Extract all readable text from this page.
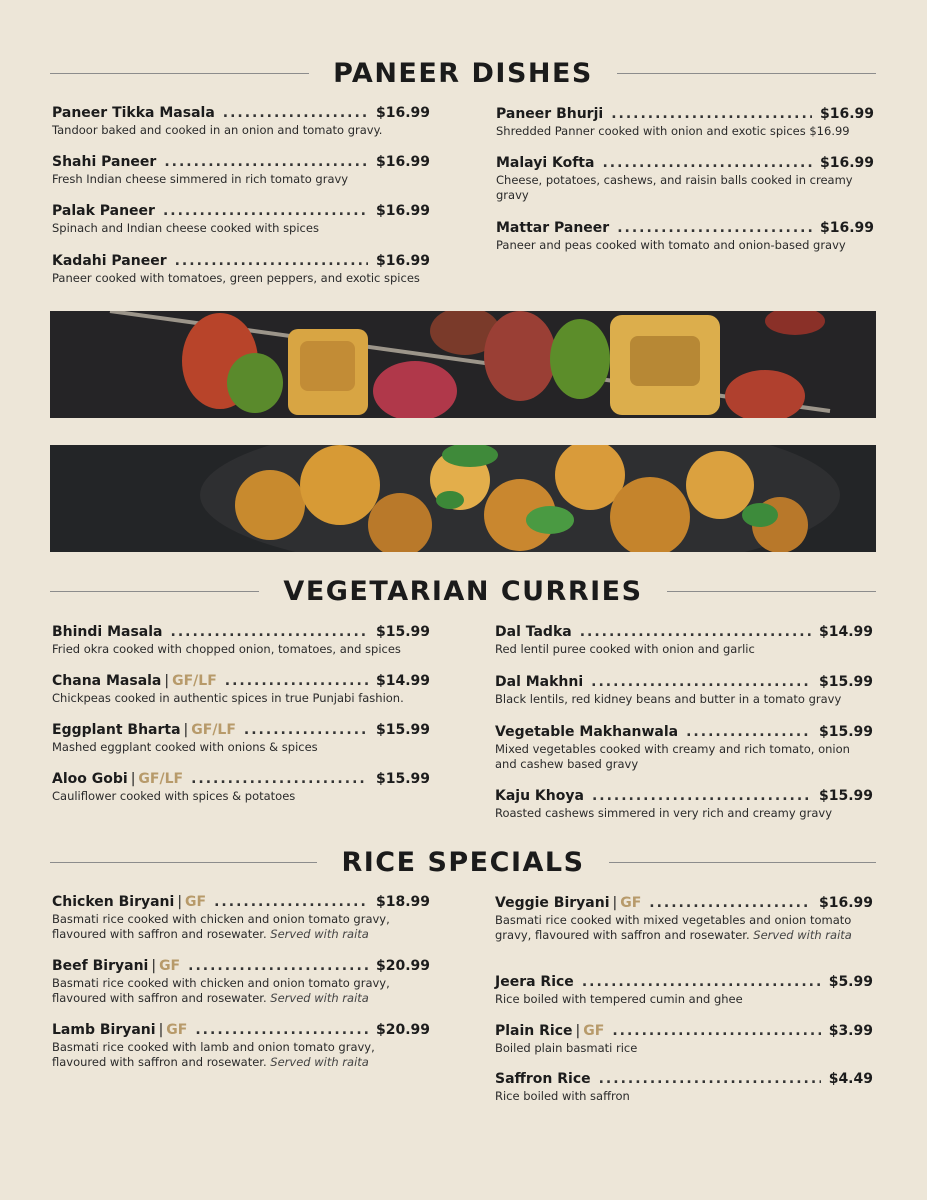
PANEER DISHES
Paneer Tikka Masala .....	$16.99
Tandoor baked and cooked in an onion and tomato gravy.
Shahi Paneer .....	$16.99
Fresh Indian cheese simmered in rich tomato gravy
Palak Paneer .....	$16.99
Spinach and Indian cheese cooked with spices
Kadahi Paneer .....	$16.99
Paneer cooked with tomatoes, green peppers, and exotic spices
Paneer Bhurji .....	$16.99
Shredded Panner cooked with onion and exotic spices $16.99
Malayi Kofta .....	$16.99
Cheese, potatoes, cashews, and raisin balls cooked in creamy gravy
Mattar Paneer .....	$16.99
Paneer and peas cooked with tomato and onion-based gravy
VEGETARIAN CURRIES
Bhindi Masala .....	$15.99
Fried okra cooked with chopped onion, tomatoes, and spices
Chana Masala | GF/LF .....	$14.99
Chickpeas cooked in authentic spices in true Punjabi fashion.
Eggplant Bharta | GF/LF .....	$15.99
Mashed eggplant cooked with onions & spices
Aloo Gobi | GF/LF .....	$15.99
Cauliflower cooked with spices & potatoes
Dal Tadka .....	$14.99
Red lentil puree cooked with onion and garlic
Dal Makhni .....	$15.99
Black lentils, red kidney beans and butter in a tomato gravy
Vegetable Makhanwala .....	$15.99
Mixed vegetables cooked with creamy and rich tomato, onion and cashew based gravy
Kaju Khoya .....	$15.99
Roasted cashews simmered in very rich and creamy gravy
RICE SPECIALS
Chicken Biryani | GF .....	$18.99
Basmati rice cooked with chicken and onion tomato gravy, flavoured with saffron and rosewater. Served with raita
Beef Biryani | GF .....	$20.99
Basmati rice cooked with chicken and onion tomato gravy, flavoured with saffron and rosewater. Served with raita
Lamb Biryani | GF .....	$20.99
Basmati rice cooked with lamb and onion tomato gravy, flavoured with saffron and rosewater. Served with raita
Veggie Biryani | GF .....	$16.99
Basmati rice cooked with mixed vegetables and onion tomato gravy, flavoured with saffron and rosewater. Served with raita
Jeera Rice .....	$5.99
Rice boiled with tempered cumin and ghee
Plain Rice | GF .....	$3.99
Boiled plain basmati rice
Saffron Rice .....	$4.49
Rice boiled with saffron
